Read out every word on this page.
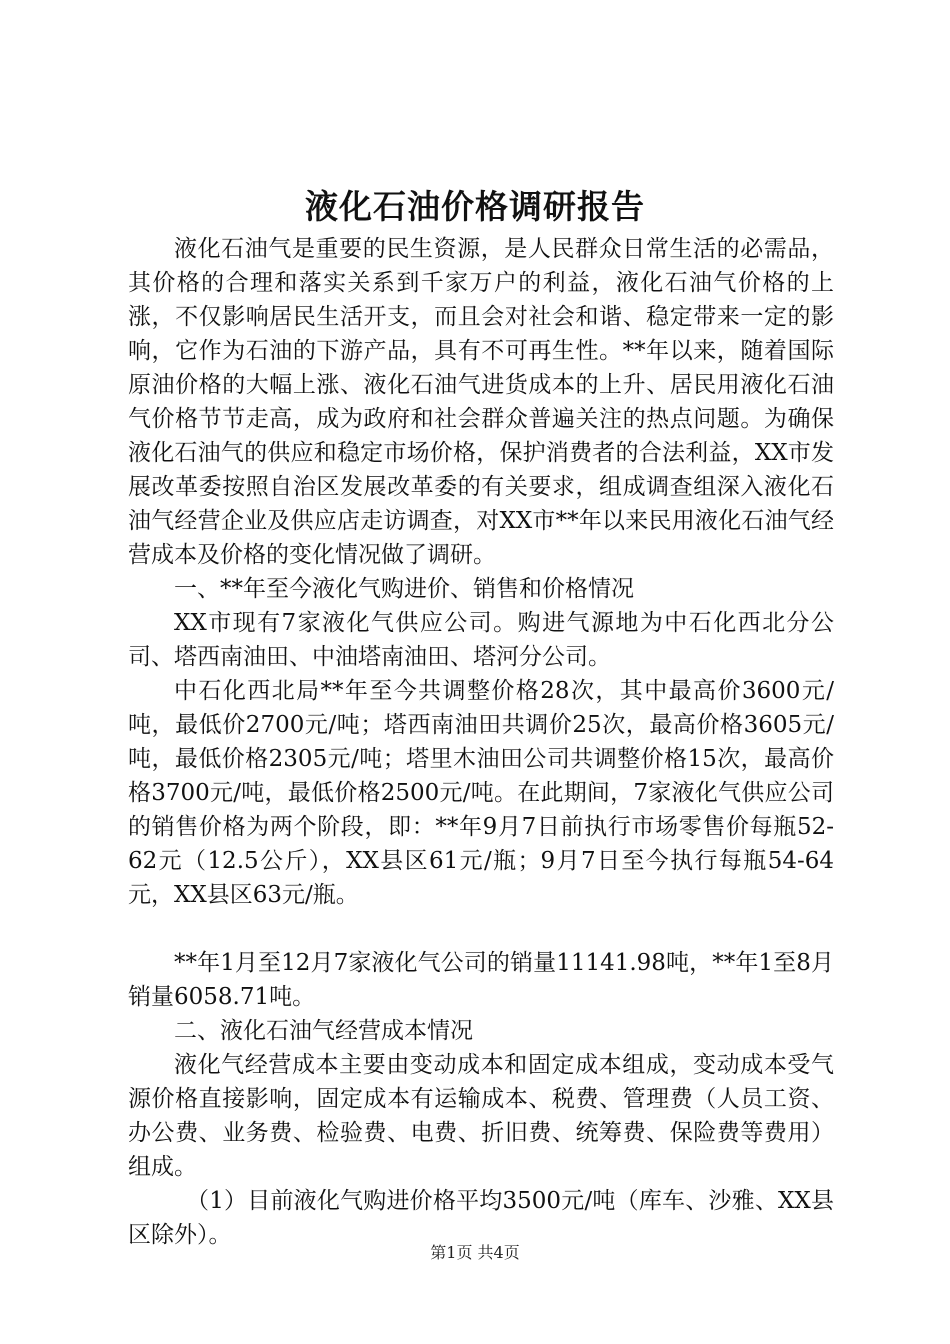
液化石油价格调研报告

液化石油气是重要的民生资源，是人民群众日常生活的必需品，其价格的合理和落实关系到千家万户的利益，液化石油气价格的上涨，不仅影响居民生活开支，而且会对社会和谐、稳定带来一定的影响，它作为石油的下游产品，具有不可再生性。**年以来，随着国际原油价格的大幅上涨、液化石油气进货成本的上升、居民用液化石油气价格节节走高，成为政府和社会群众普遍关注的热点问题。为确保液化石油气的供应和稳定市场价格，保护消费者的合法利益，XX市发展改革委按照自治区发展改革委的有关要求，组成调查组深入液化石油气经营企业及供应店走访调查，对XX市**年以来民用液化石油气经营成本及价格的变化情况做了调研。

一、**年至今液化气购进价、销售和价格情况

XX市现有7家液化气供应公司。购进气源地为中石化西北分公司、塔西南油田、中油塔南油田、塔河分公司。

中石化西北局**年至今共调整价格28次，其中最高价3600元/吨，最低价2700元/吨；塔西南油田共调价25次，最高价格3605元/吨，最低价格2305元/吨；塔里木油田公司共调整价格15次，最高价格3700元/吨，最低价格2500元/吨。在此期间，7家液化气供应公司的销售价格为两个阶段，即：**年9月7日前执行市场零售价每瓶52-62元（12.5公斤），XX县区61元/瓶；9月7日至今执行每瓶54-64元，XX县区63元/瓶。

**年1月至12月7家液化气公司的销量11141.98吨，**年1至8月销量6058.71吨。

二、液化石油气经营成本情况

液化气经营成本主要由变动成本和固定成本组成，变动成本受气源价格直接影响，固定成本有运输成本、税费、管理费（人员工资、办公费、业务费、检验费、电费、折旧费、统筹费、保险费等费用）组成。

（1）目前液化气购进价格平均3500元/吨（库车、沙雅、XX县区除外）。

第1页 共4页
